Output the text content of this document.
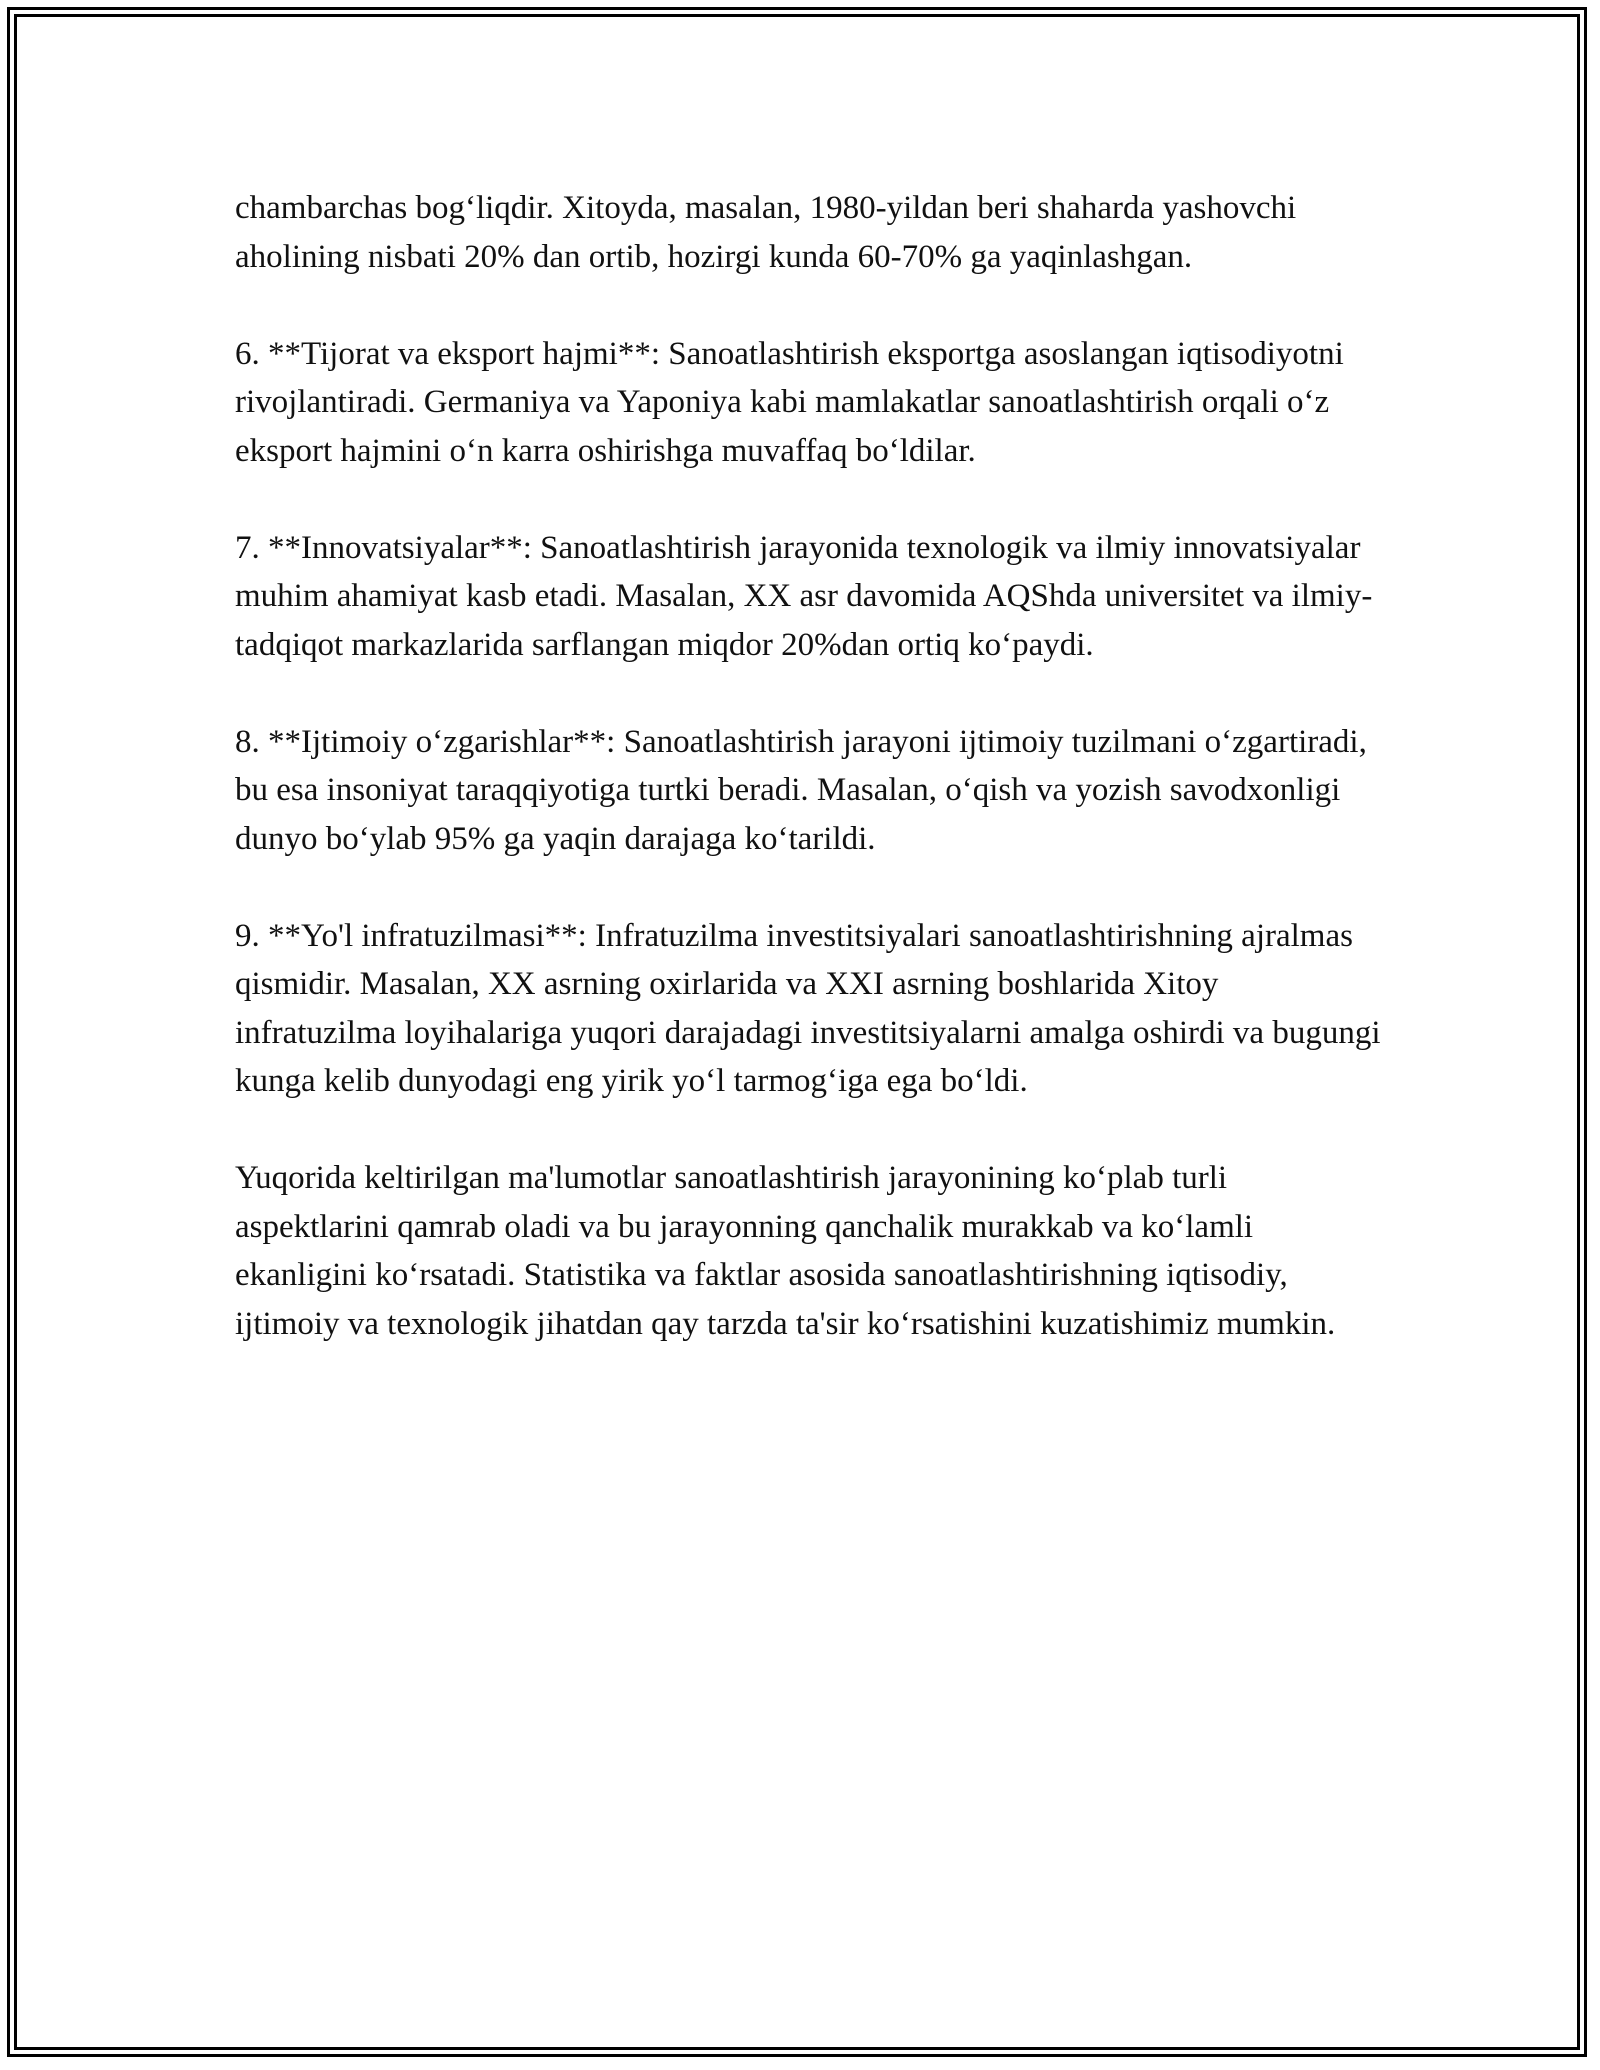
chambarchas bog‘liqdir. Xitoyda, masalan, 1980-yildan beri shaharda yashovchi aholining nisbati 20% dan ortib, hozirgi kunda 60-70% ga yaqinlashgan.

6. **Tijorat va eksport hajmi**: Sanoatlashtirish eksportga asoslangan iqtisodiyotni rivojlantiradi. Germaniya va Yaponiya kabi mamlakatlar sanoatlashtirish orqali o‘z eksport hajmini o‘n karra oshirishga muvaffaq bo‘ldilar.

7. **Innovatsiyalar**: Sanoatlashtirish jarayonida texnologik va ilmiy innovatsiyalar muhim ahamiyat kasb etadi. Masalan, XX asr davomida AQShda universitet va ilmiy-tadqiqot markazlarida sarflangan miqdor 20%dan ortiq ko‘paydi.

8. **Ijtimoiy o‘zgarishlar**: Sanoatlashtirish jarayoni ijtimoiy tuzilmani o‘zgartiradi, bu esa insoniyat taraqqiyotiga turtki beradi. Masalan, o‘qish va yozish savodxonligi dunyo bo‘ylab 95% ga yaqin darajaga ko‘tarildi.

9. **Yo'l infratuzilmasi**: Infratuzilma investitsiyalari sanoatlashtirishning ajralmas qismidir. Masalan, XX asrning oxirlarida va XXI asrning boshlarida Xitoy infratuzilma loyihalariga yuqori darajadagi investitsiyalarni amalga oshirdi va bugungi kunga kelib dunyodagi eng yirik yo‘l tarmog‘iga ega bo‘ldi.

Yuqorida keltirilgan ma'lumotlar sanoatlashtirish jarayonining ko‘plab turli aspektlarini qamrab oladi va bu jarayonning qanchalik murakkab va ko‘lamli ekanligini ko‘rsatadi. Statistika va faktlar asosida sanoatlashtirishning iqtisodiy, ijtimoiy va texnologik jihatdan qay tarzda ta'sir ko‘rsatishini kuzatishimiz mumkin.
